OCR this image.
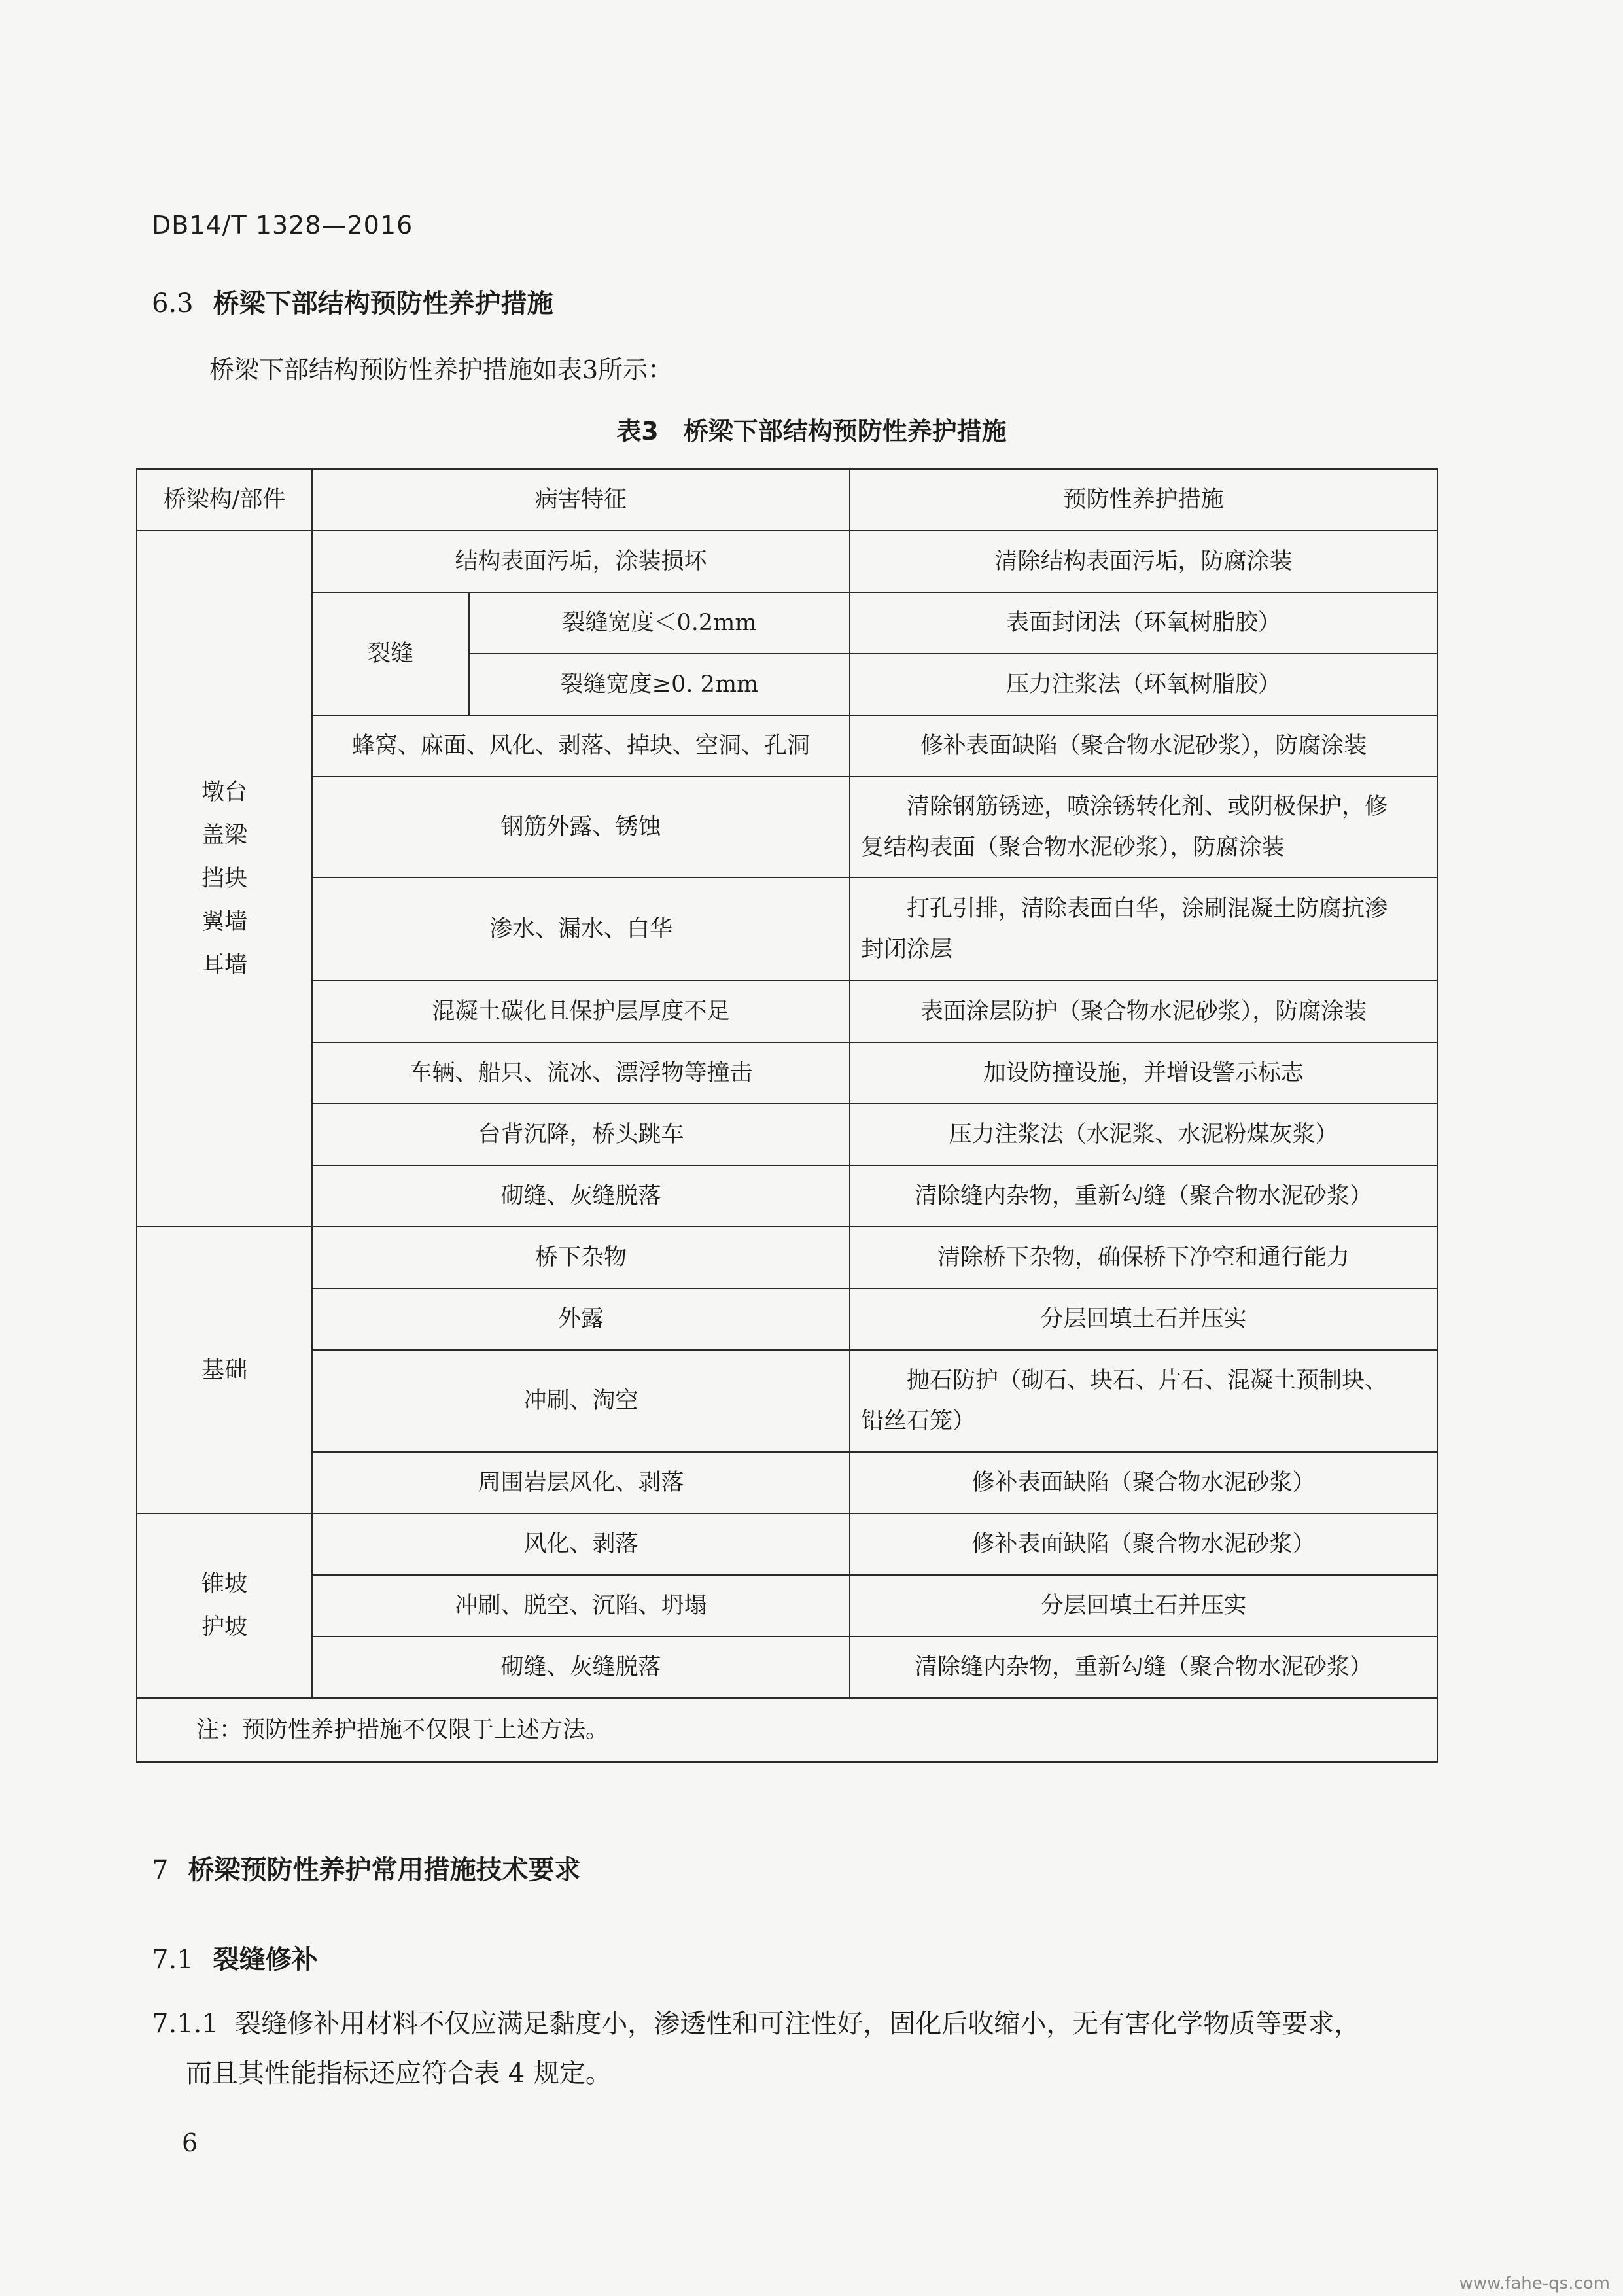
DB14/T 1328—2016
6.3 桥梁下部结构预防性养护措施
桥梁下部结构预防性养护措施如表3所示：
表3　桥梁下部结构预防性养护措施
桥梁构/部件	病害特征		预防性养护措施

墩台
盖梁
挡块
翼墙
耳墙	结构表面污垢，涂装损坏		清除结构表面污垢，防腐涂装
	裂缝	裂缝宽度＜0.2mm	表面封闭法（环氧树脂胶）
		裂缝宽度≥0. 2mm	压力注浆法（环氧树脂胶）
	蜂窝、麻面、风化、剥落、掉块、空洞、孔洞		修补表面缺陷（聚合物水泥砂浆），防腐涂装
	钢筋外露、锈蚀		清除钢筋锈迹，喷涂锈转化剂、或阴极保护，修
复结构表面（聚合物水泥砂浆），防腐涂装

	渗水、漏水、白华		打孔引排，清除表面白华，涂刷混凝土防腐抗渗
封闭涂层

	混凝土碳化且保护层厚度不足		表面涂层防护（聚合物水泥砂浆），防腐涂装
	车辆、船只、流冰、漂浮物等撞击		加设防撞设施，并增设警示标志
	台背沉降，桥头跳车		压力注浆法（水泥浆、水泥粉煤灰浆）
	砌缝、灰缝脱落		清除缝内杂物，重新勾缝（聚合物水泥砂浆）
基础	桥下杂物		清除桥下杂物，确保桥下净空和通行能力
	外露		分层回填土石并压实
	冲刷、淘空		抛石防护（砌石、块石、片石、混凝土预制块、
铅丝石笼）

	周围岩层风化、剥落		修补表面缺陷（聚合物水泥砂浆）

锥坡
护坡	风化、剥落		修补表面缺陷（聚合物水泥砂浆）
	冲刷、脱空、沉陷、坍塌		分层回填土石并压实
	砌缝、灰缝脱落		清除缝内杂物，重新勾缝（聚合物水泥砂浆）
注：预防性养护措施不仅限于上述方法。			
7 桥梁预防性养护常用措施技术要求
7.1 裂缝修补
7.1.1 裂缝修补用材料不仅应满足黏度小，渗透性和可注性好，固化后收缩小，无有害化学物质等要求，
而且其性能指标还应符合表 4 规定。
6
www.fahe-qs.com
